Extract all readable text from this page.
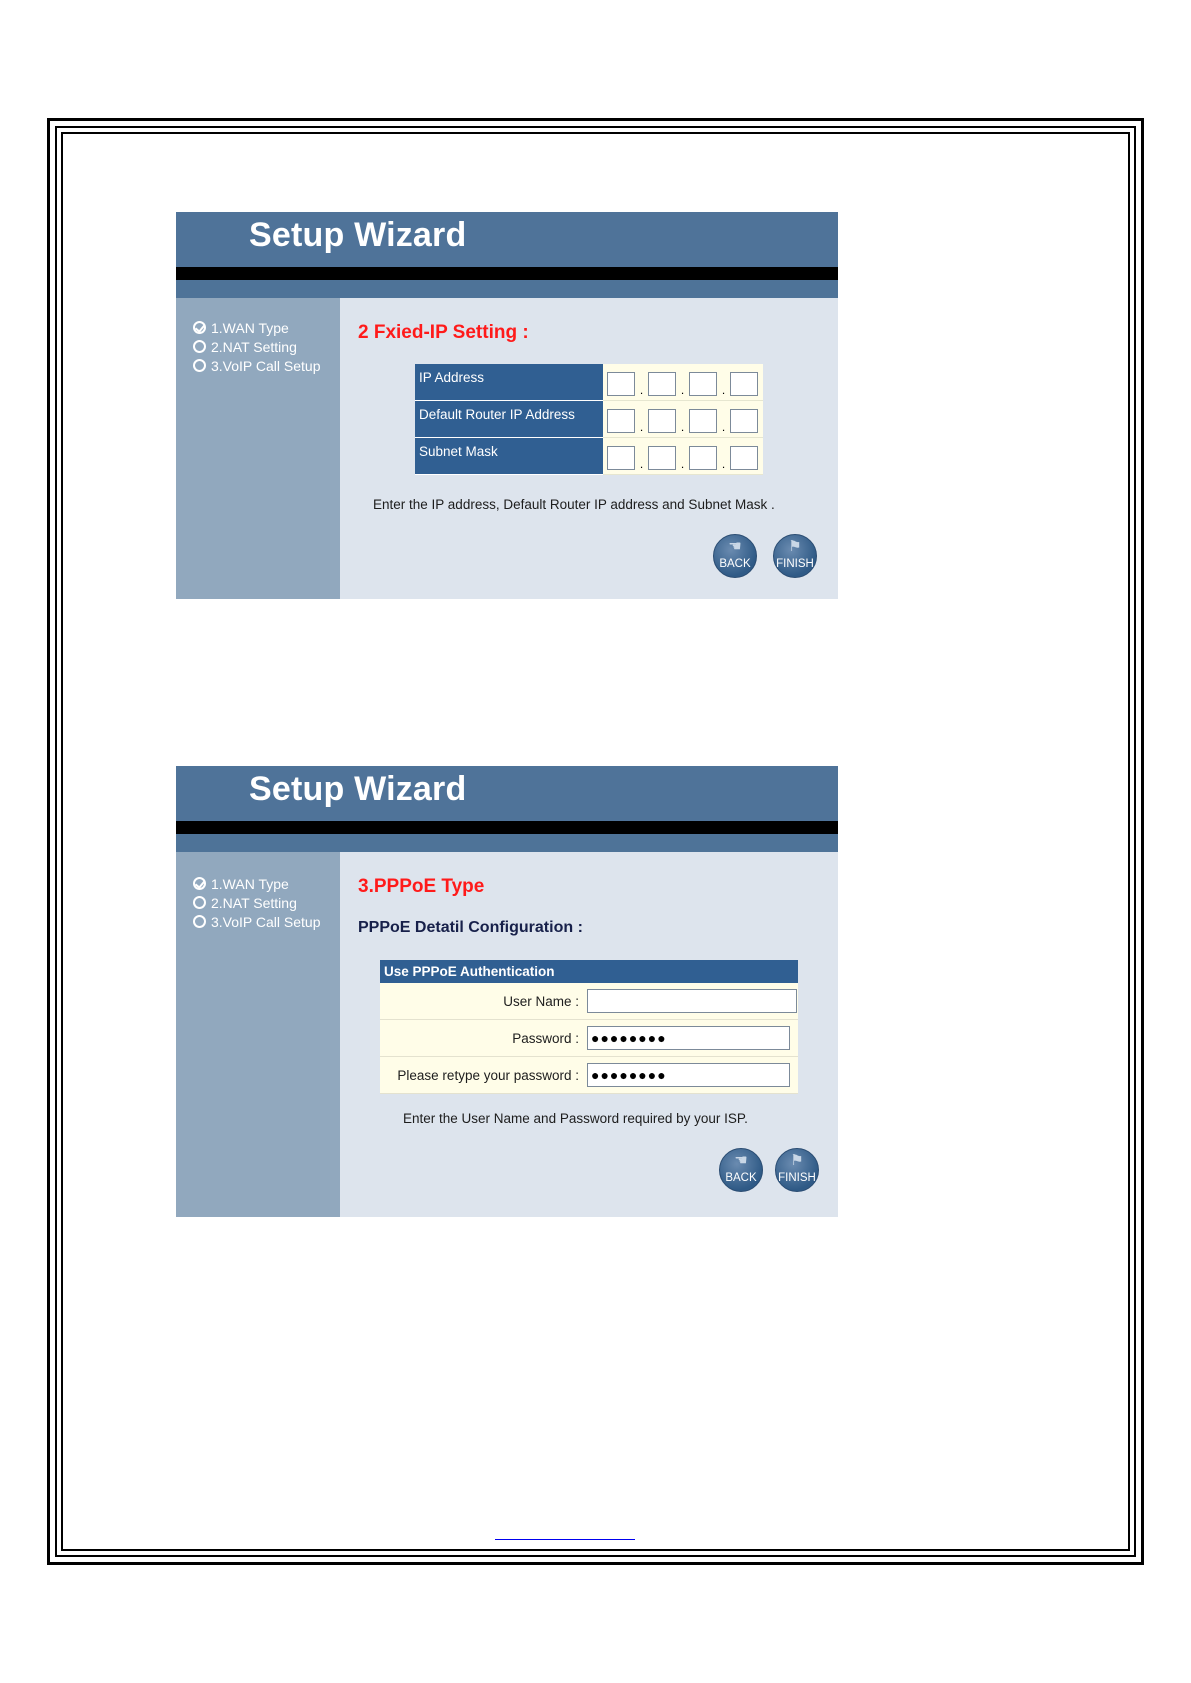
Setup Wizard
1.WAN Type
2.NAT Setting
3.VoIP Call Setup
2 Fxied-IP Setting :
IP Address	. . .

Default Router IP Address	. . .

Subnet Mask	. . .
Enter the IP address, Default Router IP address and Subnet Mask .
☚
BACK
⚑
FINISH
Setup Wizard
1.WAN Type
2.NAT Setting
3.VoIP Call Setup
3.PPPoE Type
PPPoE Detatil Configuration :
Use PPPoE Authentication	
User Name :	

Password :	●●●●●●●●

Please retype your password :	●●●●●●●●
Enter the User Name and Password required by your ISP.
☚
BACK
⚑
FINISH
